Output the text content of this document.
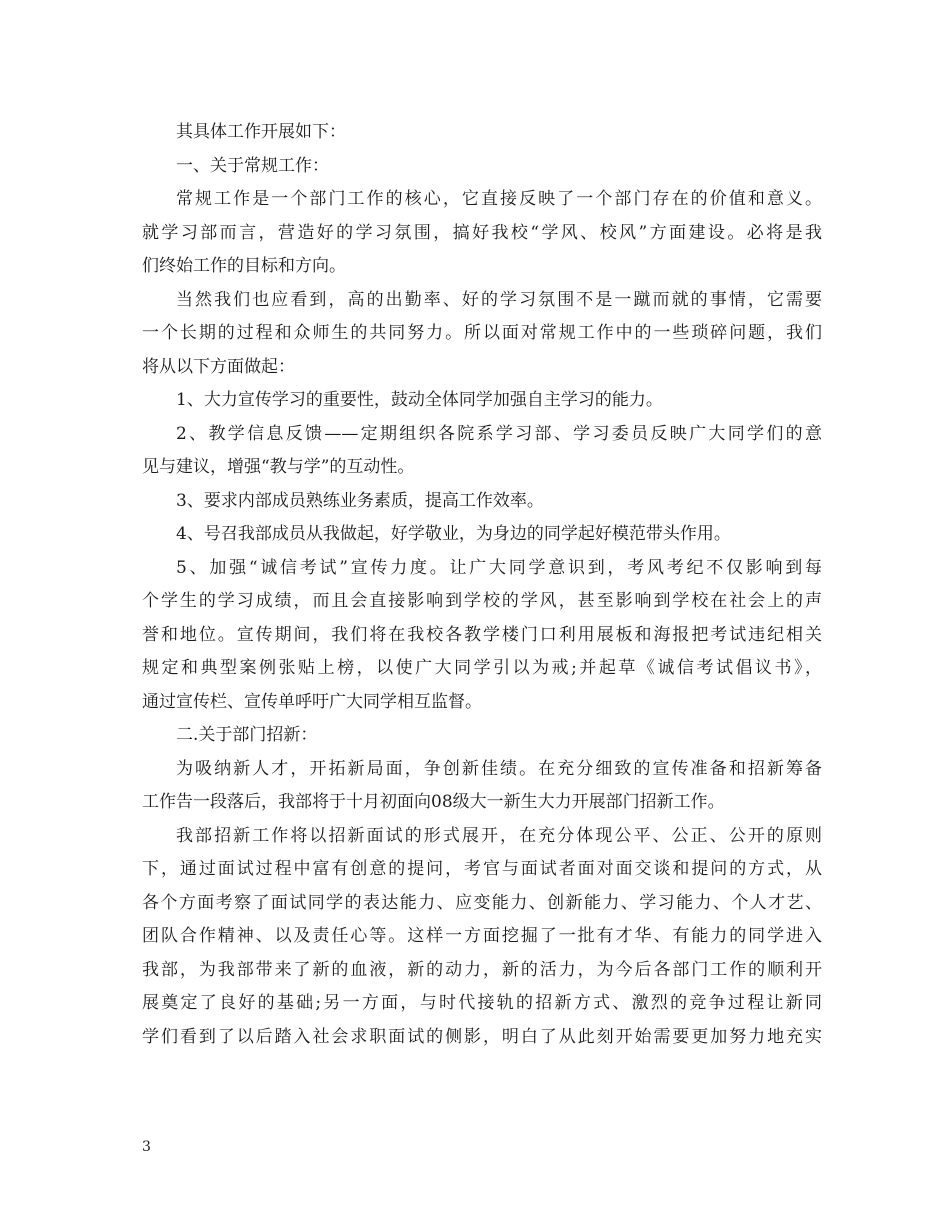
其具体工作开展如下：
一、关于常规工作：
常规工作是一个部门工作的核心，它直接反映了一个部门存在的价值和意义。
就学习部而言，营造好的学习氛围，搞好我校“学风、校风”方面建设。必将是我
们终始工作的目标和方向。
当然我们也应看到，高的出勤率、好的学习氛围不是一蹴而就的事情，它需要
一个长期的过程和众师生的共同努力。所以面对常规工作中的一些琐碎问题，我们
将从以下方面做起：
1、大力宣传学习的重要性，鼓动全体同学加强自主学习的能力。
2、教学信息反馈——定期组织各院系学习部、学习委员反映广大同学们的意
见与建议，增强“教与学”的互动性。
3、要求内部成员熟练业务素质，提高工作效率。
4、号召我部成员从我做起，好学敬业，为身边的同学起好模范带头作用。
5、加强“诚信考试”宣传力度。让广大同学意识到，考风考纪不仅影响到每
个学生的学习成绩，而且会直接影响到学校的学风，甚至影响到学校在社会上的声
誉和地位。宣传期间，我们将在我校各教学楼门口利用展板和海报把考试违纪相关
规定和典型案例张贴上榜，以使广大同学引以为戒;并起草《诚信考试倡议书》，
通过宣传栏、宣传单呼吁广大同学相互监督。
二.关于部门招新：
为吸纳新人才，开拓新局面，争创新佳绩。在充分细致的宣传准备和招新筹备
工作告一段落后，我部将于十月初面向08级大一新生大力开展部门招新工作。
我部招新工作将以招新面试的形式展开，在充分体现公平、公正、公开的原则
下，通过面试过程中富有创意的提问，考官与面试者面对面交谈和提问的方式，从
各个方面考察了面试同学的表达能力、应变能力、创新能力、学习能力、个人才艺、
团队合作精神、以及责任心等。这样一方面挖掘了一批有才华、有能力的同学进入
我部，为我部带来了新的血液，新的动力，新的活力，为今后各部门工作的顺利开
展奠定了良好的基础;另一方面，与时代接轨的招新方式、激烈的竞争过程让新同
学们看到了以后踏入社会求职面试的侧影，明白了从此刻开始需要更加努力地充实
3
